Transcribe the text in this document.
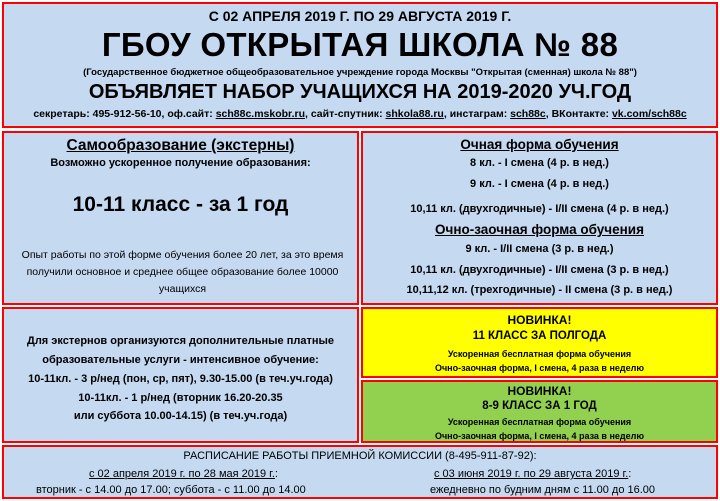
С 02 АПРЕЛЯ 2019 Г. ПО 29 АВГУСТА 2019 Г.
ГБОУ ОТКРЫТАЯ ШКОЛА № 88
(Государственное бюджетное общеобразовательное учреждение города Москвы "Открытая (сменная) школа № 88")
ОБЪЯВЛЯЕТ НАБОР УЧАЩИХСЯ НА 2019-2020 УЧ.ГОД
секретарь: 495-912-56-10, оф.сайт: sch88c.mskobr.ru, сайт-спутник: shkola88.ru, инстаграм: sch88c, ВКонтакте: vk.com/sch88c
Самообразование (экстерны)
Возможно ускоренное получение образования:
10-11 класс - за 1 год
Опыт работы по этой форме обучения более 20 лет, за это время получили основное и среднее общее образование более 10000 учащихся
Очная форма обучения
8 кл. - I смена (4 р. в нед.)
9 кл. - I смена (4 р. в нед.)
10,11 кл. (двухгодичные) - I/II смена (4 р. в нед.)
Очно-заочная форма обучения
9 кл. - I/II смена (3 р. в нед.)
10,11 кл. (двухгодичные) - I/II смена (3 р. в нед.)
10,11,12 кл. (трехгодичные) - II смена (3 р. в нед.)
Для экстернов организуются дополнительные платные
образовательные услуги - интенсивное обучение:
10-11кл. - 3 р/нед (пон, ср, пят), 9.30-15.00 (в теч.уч.года)
10-11кл. - 1 р/нед (вторник 16.20-20.35
или суббота 10.00-14.15) (в теч.уч.года)
НОВИНКА!
11 КЛАСС ЗА ПОЛГОДА
Ускоренная бесплатная форма обучения
Очно-заочная форма, I смена, 4 раза в неделю
НОВИНКА!
8-9 КЛАСС ЗА 1 ГОД
Ускоренная бесплатная форма обучения
Очно-заочная форма, I смена, 4 раза в неделю
РАСПИСАНИЕ РАБОТЫ ПРИЕМНОЙ КОМИССИИ (8-495-911-87-92):
с 02 апреля 2019 г. по 28 мая 2019 г.:
вторник - с 14.00 до 17.00; суббота - с 11.00 до 14.00
с 03 июня 2019 г. по 29 августа 2019 г.:
ежедневно по будним дням с 11.00 до 16.00
